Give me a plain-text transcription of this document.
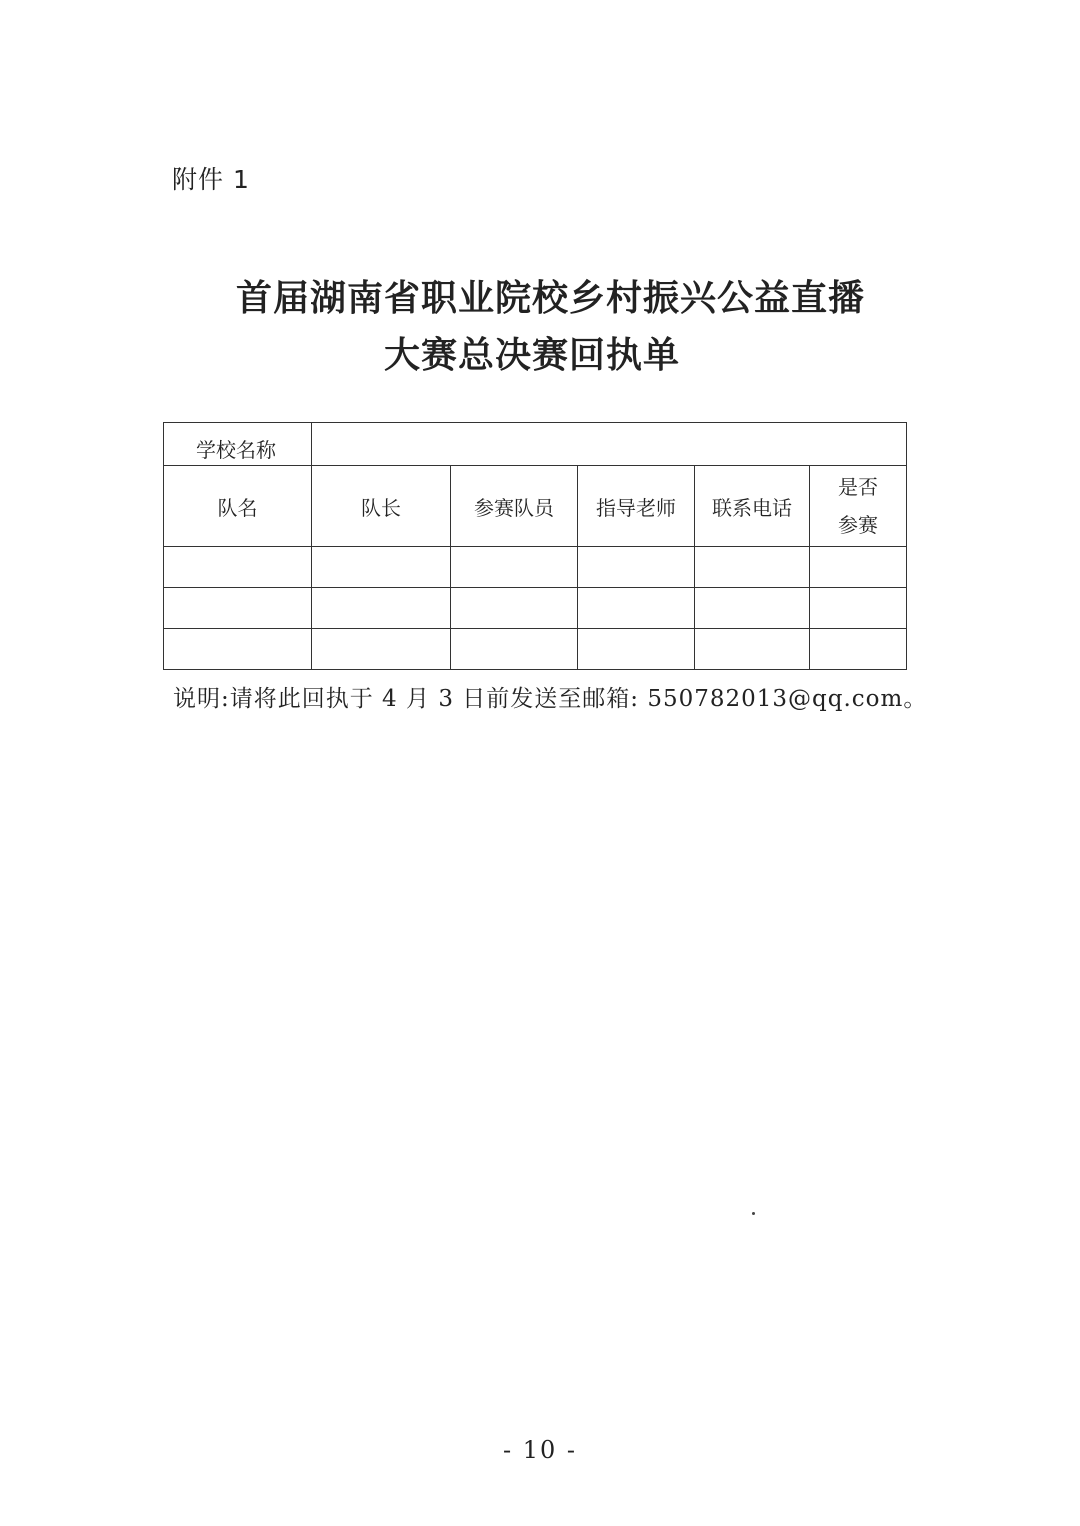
附件 1
首届湖南省职业院校乡村振兴公益直播
大赛总决赛回执单
学校名称					
队名	队长	参赛队员	指导老师	联系电话	是否
参赛

说明:请将此回执于 4 月 3 日前发送至邮箱: 550782013@qq.com。
- 10 -
